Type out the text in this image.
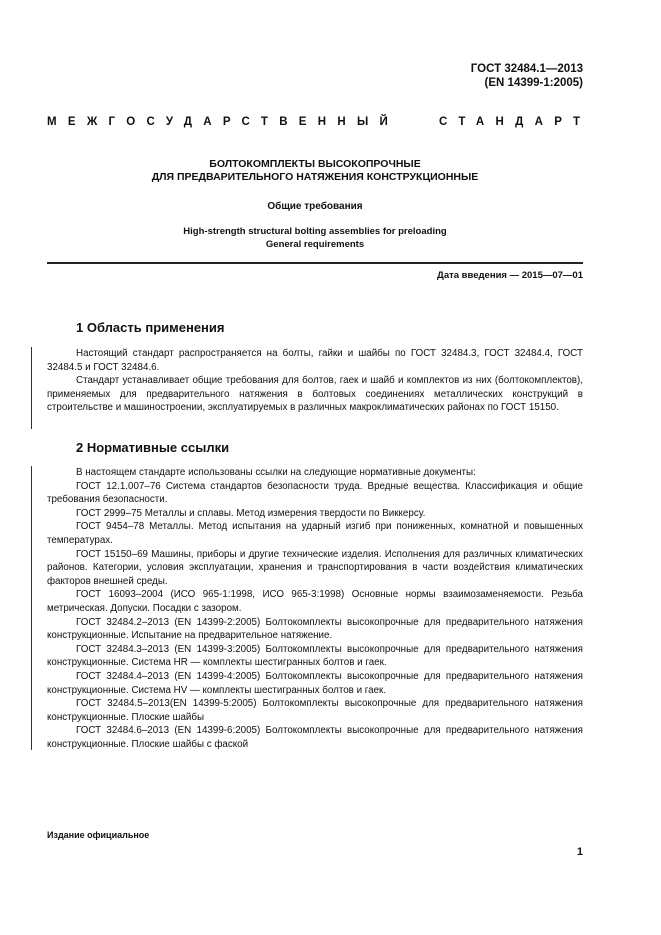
ГОСТ 32484.1—2013
(EN 14399-1:2005)
МЕЖГОСУДАРСТВЕННЫЙ	СТАНДАРТ
БОЛТОКОМПЛЕКТЫ ВЫСОКОПРОЧНЫЕ
ДЛЯ ПРЕДВАРИТЕЛЬНОГО НАТЯЖЕНИЯ КОНСТРУКЦИОННЫЕ
Общие требования
High-strength structural bolting assemblies for preloading
General requirements
Дата введения — 2015—07—01
1 Область применения

Настоящий стандарт распространяется на болты, гайки и шайбы по ГОСТ 32484.3, ГОСТ 32484.4, ГОСТ 32484.5 и ГОСТ 32484.6.

Стандарт устанавливает общие требования для болтов, гаек и шайб и комплектов из них (болтокомплектов), применяемых для предварительного натяжения в болтовых соединениях металлических конструкций в строительстве и машиностроении, эксплуатируемых в различных макроклиматических районах по ГОСТ 15150.

2 Нормативные ссылки

В настоящем стандарте использованы ссылки на следующие нормативные документы:

ГОСТ 12.1.007–76 Система стандартов безопасности труда. Вредные вещества. Классификация и общие требования безопасности.

ГОСТ 2999–75 Металлы и сплавы. Метод измерения твердости по Виккерсу.

ГОСТ 9454–78 Металлы. Метод испытания на ударный изгиб при пониженных, комнатной и повышенных температурах.

ГОСТ 15150–69 Машины, приборы и другие технические изделия. Исполнения для различных климатических районов. Категории, условия эксплуатации, хранения и транспортирования в части воздействия климатических факторов внешней среды.

ГОСТ 16093–2004 (ИСО 965-1:1998, ИСО 965-3:1998) Основные нормы взаимозаменяемости. Резьба метрическая. Допуски. Посадки с зазором.

ГОСТ 32484.2–2013 (EN 14399-2:2005) Болтокомплекты высокопрочные для предварительного натяжения конструкционные. Испытание на предварительное натяжение.

ГОСТ 32484.3–2013 (EN 14399-3:2005) Болтокомплекты высокопрочные для предварительного натяжения конструкционные. Система HR — комплекты шестигранных болтов и гаек.

ГОСТ 32484.4–2013 (EN 14399-4:2005) Болтокомплекты высокопрочные для предварительного натяжения конструкционные. Система HV — комплекты шестигранных болтов и гаек.

ГОСТ 32484.5–2013(EN 14399-5:2005) Болтокомплекты высокопрочные для предварительного натяжения конструкционные. Плоские шайбы

ГОСТ 32484.6–2013 (EN 14399-6:2005) Болтокомплекты высокопрочные для предварительного натяжения конструкционные. Плоские шайбы с фаской

Издание официальное
1
